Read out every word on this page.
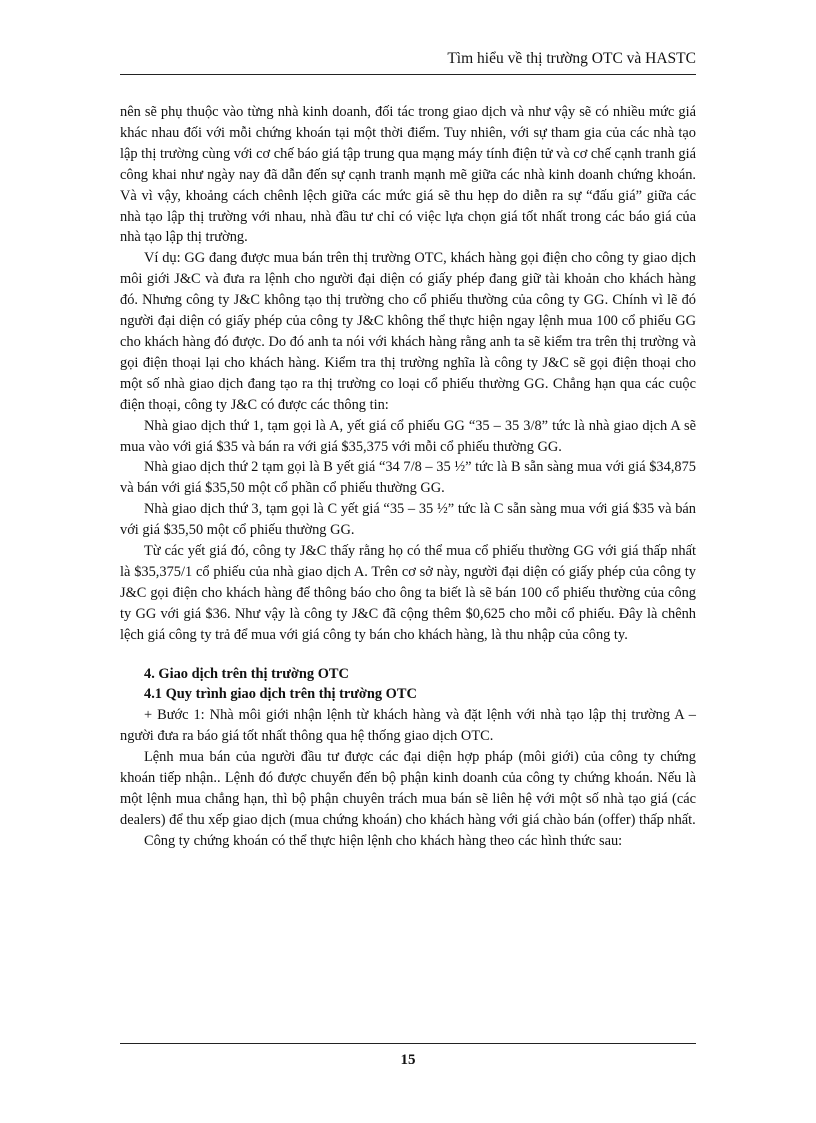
Tìm hiểu về thị trường OTC và HASTC

nên sẽ phụ thuộc vào từng nhà kinh doanh, đối tác trong giao dịch và như vậy sẽ có nhiều mức giá khác nhau đối với mỗi chứng khoán tại một thời điểm. Tuy nhiên, với sự tham gia của các nhà tạo lập thị trường cùng với cơ chế báo giá tập trung qua mạng máy tính điện tử và cơ chế cạnh tranh giá công khai như ngày nay đã dẫn đến sự cạnh tranh mạnh mẽ giữa các nhà kinh doanh chứng khoán. Và vì vậy, khoảng cách chênh lệch giữa các mức giá sẽ thu hẹp do diễn ra sự “đấu giá” giữa các nhà tạo lập thị trường với nhau, nhà đầu tư chỉ có việc lựa chọn giá tốt nhất trong các báo giá của nhà tạo lập thị trường.

Ví dụ: GG đang được mua bán trên thị trường OTC, khách hàng gọi điện cho công ty giao dịch môi giới J&C và đưa ra lệnh cho người đại diện có giấy phép đang giữ tài khoản cho khách hàng đó. Nhưng công ty J&C không tạo thị trường cho cổ phiếu thường của công ty GG. Chính vì lẽ đó người đại diện có giấy phép của công ty J&C không thể thực hiện ngay lệnh mua 100 cổ phiếu GG cho khách hàng đó được. Do đó anh ta nói với khách hàng rằng anh ta sẽ kiểm tra trên thị trường và gọi điện thoại lại cho khách hàng. Kiểm tra thị trường nghĩa là công ty J&C sẽ gọi điện thoại cho một số nhà giao dịch đang tạo ra thị trường co loại cổ phiếu thường GG. Chẳng hạn qua các cuộc điện thoại, công ty J&C có được các thông tin:

Nhà giao dịch thứ 1, tạm gọi là A, yết giá cổ phiếu GG “35 – 35 3/8” tức là nhà giao dịch A sẽ mua vào với giá $35 và bán ra với giá $35,375 với mỗi cổ phiếu thường GG.

Nhà giao dịch thứ 2 tạm gọi là B yết giá “34 7/8 – 35 ½” tức là B sẵn sàng mua với giá $34,875 và bán với giá $35,50 một cổ phần cổ phiếu thường GG.

Nhà giao dịch thứ 3, tạm gọi là C yết giá “35 – 35 ½” tức là C sẵn sàng mua với giá $35 và bán với giá $35,50 một cổ phiếu thường GG.

Từ các yết giá đó, công ty J&C thấy rằng họ có thể mua cổ phiếu thường GG với giá thấp nhất là $35,375/1 cổ phiếu của nhà giao dịch A. Trên cơ sở này, người đại diện có giấy phép của công ty J&C gọi điện cho khách hàng để thông báo cho ông ta biết là sẽ bán 100 cổ phiếu thường của công ty GG với giá $36. Như vậy là công ty J&C đã cộng thêm $0,625 cho mỗi cổ phiếu. Đây là chênh lệch giá công ty trả để mua với giá công ty bán cho khách hàng, là thu nhập của công ty.

4. Giao dịch trên thị trường OTC

4.1 Quy trình giao dịch trên thị trường OTC

+ Bước 1: Nhà môi giới nhận lệnh từ khách hàng và đặt lệnh với nhà tạo lập thị trường A – người đưa ra báo giá tốt nhất thông qua hệ thống giao dịch OTC.

Lệnh mua bán của người đầu tư được các đại diện hợp pháp (môi giới) của công ty chứng khoán tiếp nhận.. Lệnh đó được chuyển đến bộ phận kinh doanh của công ty chứng khoán. Nếu là một lệnh mua chẳng hạn, thì bộ phận chuyên trách mua bán sẽ liên hệ với một số nhà tạo giá (các dealers) để thu xếp giao dịch (mua chứng khoán) cho khách hàng với giá chào bán (offer) thấp nhất.

Công ty chứng khoán có thể thực hiện lệnh cho khách hàng theo các hình thức sau:

15
